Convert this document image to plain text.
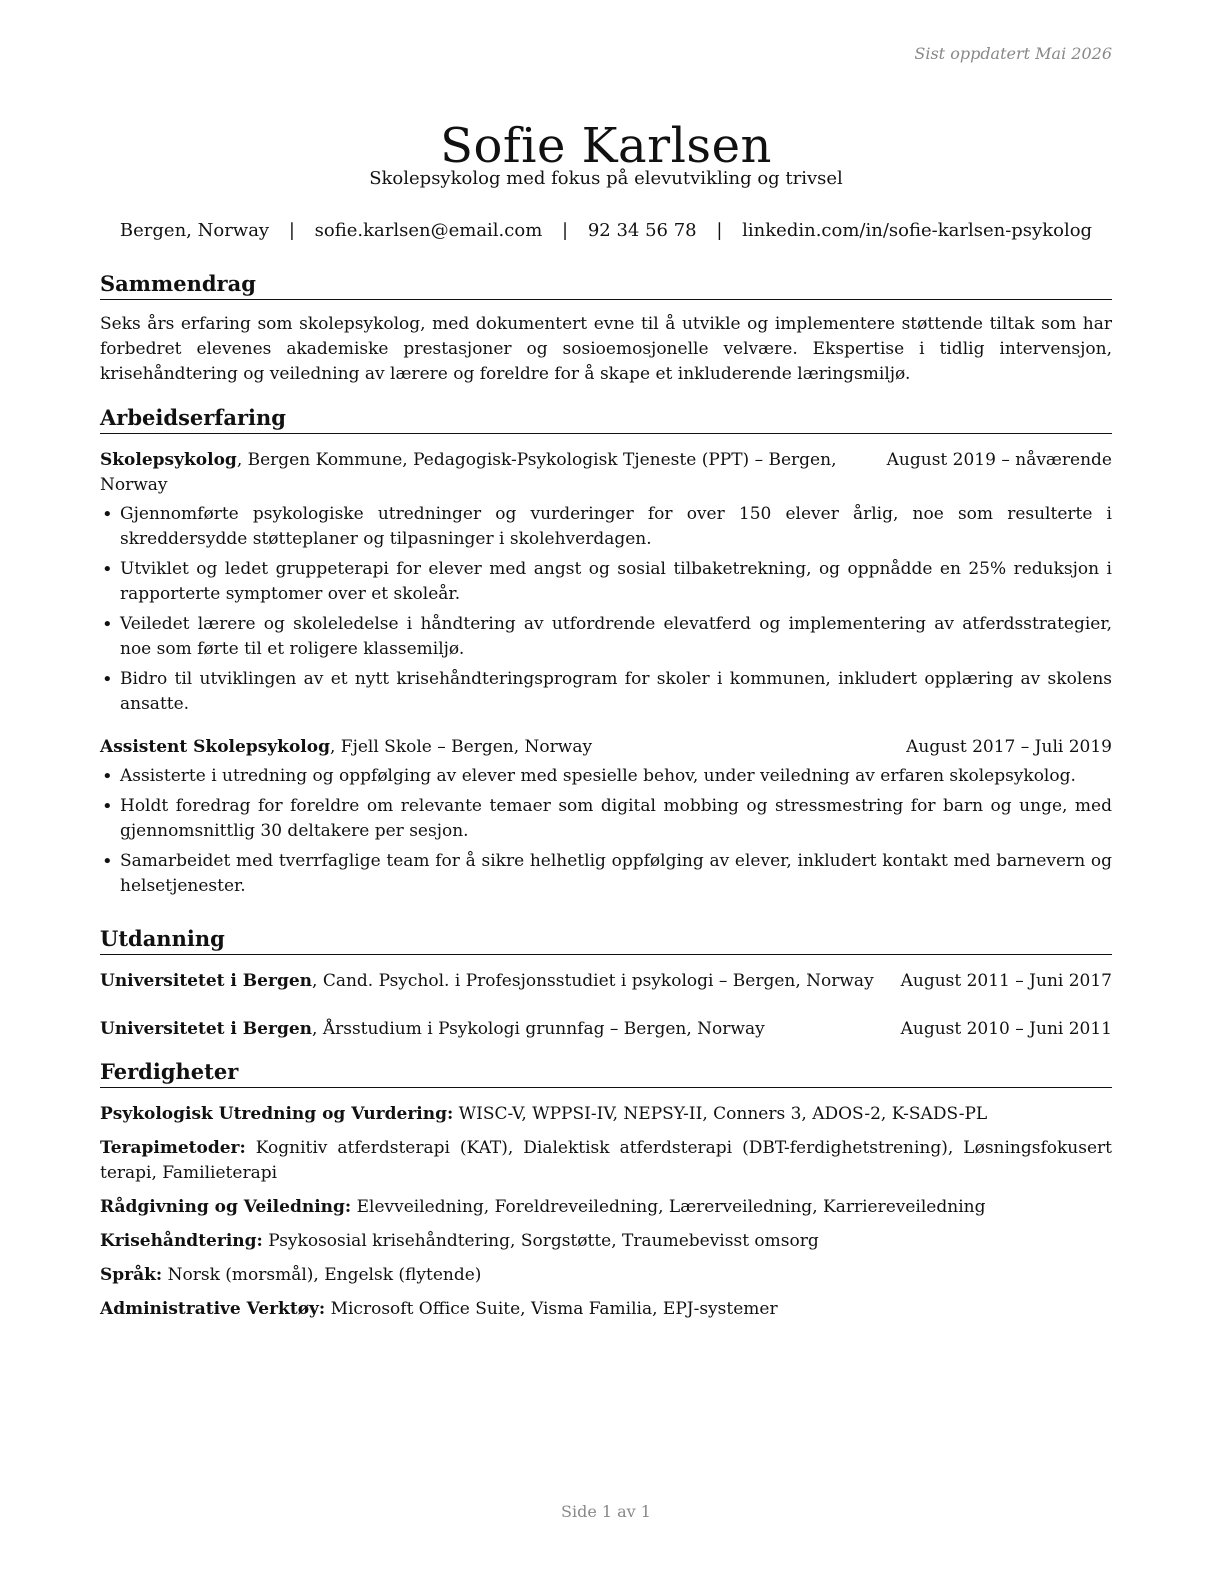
Sist oppdatert Mai 2026
Sofie Karlsen
Skolepsykolog med fokus på elevutvikling og trivsel
Bergen, Norway | sofie.karlsen@email.com | 92 34 56 78 | linkedin.com/in/sofie-karlsen-psykolog
Sammendrag

Seks års erfaring som skolepsykolog, med dokumentert evne til å utvikle og implementere støttende tiltak som har forbedret elevenes akademiske prestasjoner og sosioemosjonelle velvære. Ekspertise i tidlig intervensjon, krisehåndtering og veiledning av lærere og foreldre for å skape et inkluderende læringsmiljø.

Arbeidserfaring
Skolepsykolog, Bergen Kommune, Pedagogisk-Psykologisk Tjeneste (PPT) – Bergen, Norway
August 2019 – nåværende
• Gjennomførte psykologiske utredninger og vurderinger for over 150 elever årlig, noe som resulterte i skreddersydde støtteplaner og tilpasninger i skolehverdagen.
• Utviklet og ledet gruppeterapi for elever med angst og sosial tilbaketrekning, og oppnådde en 25% reduksjon i rapporterte symptomer over et skoleår.
• Veiledet lærere og skoleledelse i håndtering av utfordrende elevatferd og implementering av atferdsstrategier, noe som førte til et roligere klassemiljø.
• Bidro til utviklingen av et nytt krisehåndteringsprogram for skoler i kommunen, inkludert opplæring av skolens ansatte.
Assistent Skolepsykolog, Fjell Skole – Bergen, Norway	August 2017 – Juli 2019
• Assisterte i utredning og oppfølging av elever med spesielle behov, under veiledning av erfaren skolepsykolog.
• Holdt foredrag for foreldre om relevante temaer som digital mobbing og stressmestring for barn og unge, med gjennomsnittlig 30 deltakere per sesjon.
• Samarbeidet med tverrfaglige team for å sikre helhetlig oppfølging av elever, inkludert kontakt med barnevern og helsetjenester.
Utdanning
Universitetet i Bergen, Cand. Psychol. i Profesjonsstudiet i psykologi – Bergen, Norway	August 2011 – Juni 2017
Universitetet i Bergen, Årsstudium i Psykologi grunnfag – Bergen, Norway	August 2010 – Juni 2011
Ferdigheter
Psykologisk Utredning og Vurdering: WISC-V, WPPSI-IV, NEPSY-II, Conners 3, ADOS-2, K-SADS-PL
Terapimetoder: Kognitiv atferdsterapi (KAT), Dialektisk atferdsterapi (DBT-ferdighetstrening), Løsningsfokusert terapi, Familieterapi
Rådgivning og Veiledning: Elevveiledning, Foreldreveiledning, Lærerveiledning, Karriereveiledning
Krisehåndtering: Psykososial krisehåndtering, Sorgstøtte, Traumebevisst omsorg
Språk: Norsk (morsmål), Engelsk (flytende)
Administrative Verktøy: Microsoft Office Suite, Visma Familia, EPJ-systemer
Side 1 av 1
